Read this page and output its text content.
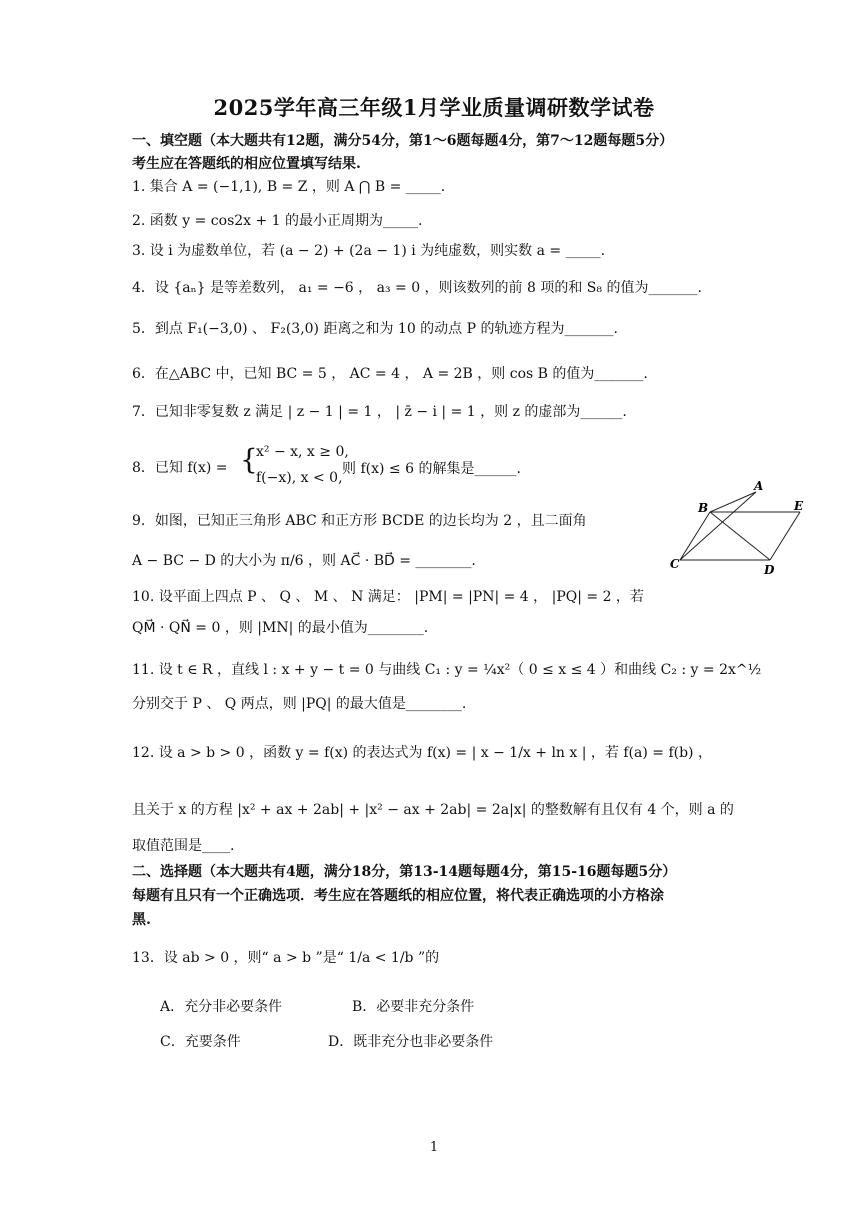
2025学年高三年级1月学业质量调研数学试卷
一、填空题（本大题共有12题，满分54分，第1～6题每题4分，第7～12题每题5分）
考生应在答题纸的相应位置填写结果.
1. 集合 A = (−1,1), B = Z ，则 A ⋂ B = _____.
2. 函数 y = cos2x + 1 的最小正周期为_____.
3. 设 i 为虚数单位，若 (a − 2) + (2a − 1) i 为纯虚数，则实数 a = _____.
4．设 {aₙ} 是等差数列， a₁ = −6 ， a₃ = 0 ，则该数列的前 8 项的和 S₈ 的值为_______.
5．到点 F₁(−3,0) 、 F₂(3,0) 距离之和为 10 的动点 P 的轨迹方程为_______.
6．在△ABC 中，已知 BC = 5 ， AC = 4 ， A = 2B ，则 cos B 的值为_______.
7．已知非零复数 z 满足 | z − 1 | = 1 ， | z̄ − i | = 1 ，则 z 的虚部为______.
8．已知 f(x) = {
x² − x, x ≥ 0,
f(−x), x < 0,
则 f(x) ≤ 6 的解集是______.
9．如图，已知正三角形 ABC 和正方形 BCDE 的边长均为 2 ，且二面角
A − BC − D 的大小为 π/6 ，则 AC⃗ · BD⃗ = ________.
10. 设平面上四点 P 、 Q 、 M 、 N 满足： |PM| = |PN| = 4 ， |PQ| = 2 ，若
QM⃗ · QN⃗ = 0 ，则 |MN| 的最小值为________.
11. 设 t ∈ R ，直线 l : x + y − t = 0 与曲线 C₁ : y = ¼x²（ 0 ≤ x ≤ 4 ）和曲线 C₂ : y = 2x^½
分别交于 P 、 Q 两点，则 |PQ| 的最大值是________.
12. 设 a > b > 0 ，函数 y = f(x) 的表达式为 f(x) = | x − 1/x + ln x | ，若 f(a) = f(b) ，
且关于 x 的方程 |x² + ax + 2ab| + |x² − ax + 2ab| = 2a|x| 的整数解有且仅有 4 个，则 a 的
取值范围是____.
二、选择题（本大题共有4题，满分18分，第13-14题每题4分，第15-16题每题5分）
每题有且只有一个正确选项．考生应在答题纸的相应位置，将代表正确选项的小方格涂
黑.
13．设 ab > 0 ，则“ a > b ”是“ 1/a < 1/b ”的
A．充分非必要条件	B．必要非充分条件
C．充要条件	D．既非充分也非必要条件
A
B
C	D
E
1
